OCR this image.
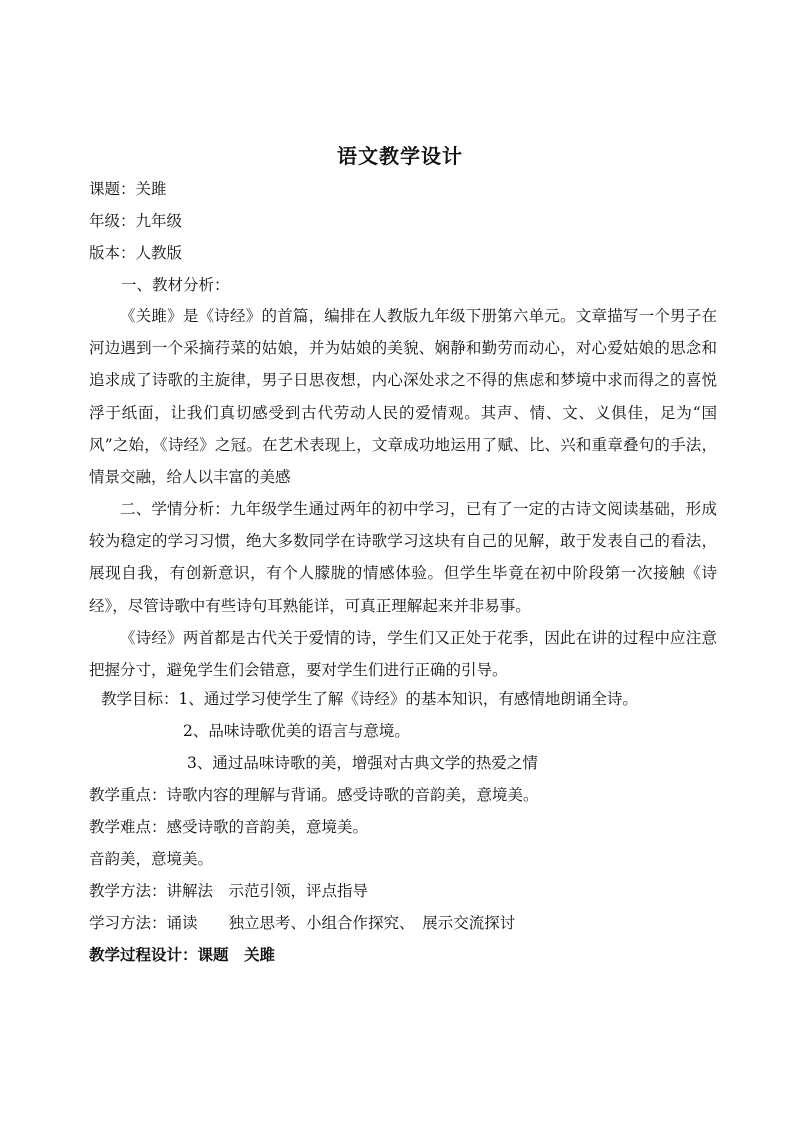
语文教学设计

课题：关雎

年级：九年级

版本：人教版

一、教材分析：

《关雎》是《诗经》的首篇，编排在人教版九年级下册第六单元。文章描写一个男子在河边遇到一个采摘荇菜的姑娘，并为姑娘的美貌、娴静和勤劳而动心，对心爱姑娘的思念和追求成了诗歌的主旋律，男子日思夜想，内心深处求之不得的焦虑和梦境中求而得之的喜悦浮于纸面，让我们真切感受到古代劳动人民的爱情观。其声、情、文、义俱佳，足为“国风”之始，《诗经》之冠。在艺术表现上，文章成功地运用了赋、比、兴和重章叠句的手法，情景交融，给人以丰富的美感

二、学情分析：九年级学生通过两年的初中学习，已有了一定的古诗文阅读基础，形成较为稳定的学习习惯，绝大多数同学在诗歌学习这块有自己的见解，敢于发表自己的看法，展现自我，有创新意识，有个人朦胧的情感体验。但学生毕竟在初中阶段第一次接触《诗经》，尽管诗歌中有些诗句耳熟能详，可真正理解起来并非易事。

《诗经》两首都是古代关于爱情的诗，学生们又正处于花季，因此在讲的过程中应注意把握分寸，避免学生们会错意，要对学生们进行正确的引导。

教学目标：1、通过学习使学生了解《诗经》的基本知识，有感情地朗诵全诗。

2、品味诗歌优美的语言与意境。

3、通过品味诗歌的美，增强对古典文学的热爱之情

教学重点：诗歌内容的理解与背诵。感受诗歌的音韵美，意境美。

教学难点：感受诗歌的音韵美，意境美。

音韵美，意境美。

教学方法：讲解法　示范引领，评点指导

学习方法：诵读　　独立思考、小组合作探究、　展示交流探讨

教学过程设计：课题　关雎
